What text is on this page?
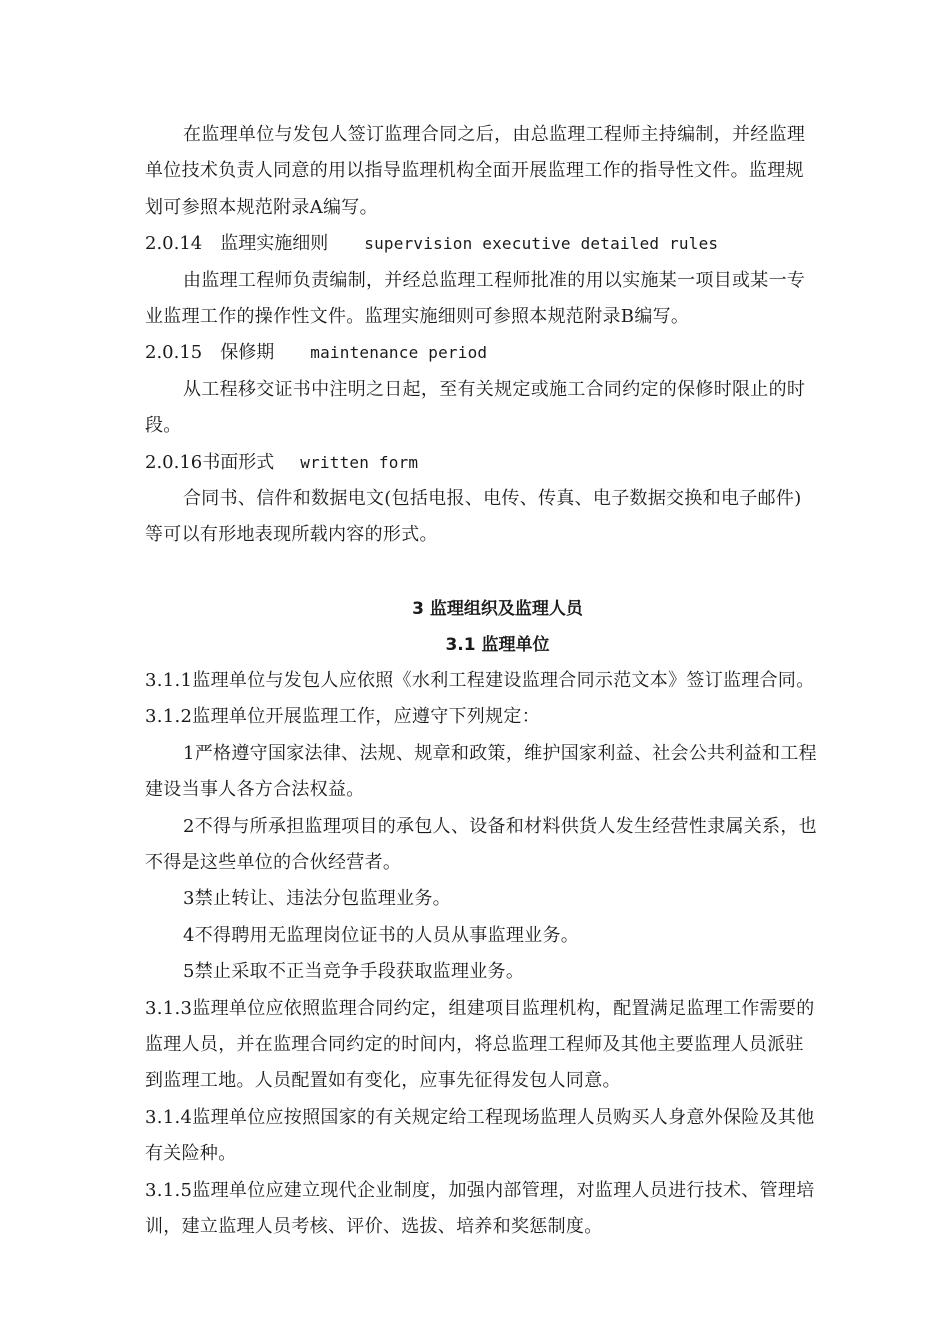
在监理单位与发包人签订监理合同之后，由总监理工程师主持编制，并经监理
单位技术负责人同意的用以指导监理机构全面开展监理工作的指导性文件。监理规
划可参照本规范附录A编写。
2.0.14 监理实施细则 supervision executive detailed rules
由监理工程师负责编制，并经总监理工程师批准的用以实施某一项目或某一专
业监理工作的操作性文件。监理实施细则可参照本规范附录B编写。
2.0.15 保修期 maintenance period
从工程移交证书中注明之日起，至有关规定或施工合同约定的保修时限止的时
段。
2.0.16书面形式 written form
合同书、信件和数据电文(包括电报、电传、传真、电子数据交换和电子邮件)
等可以有形地表现所载内容的形式。
3 监理组织及监理人员
3.1 监理单位
3.1.1监理单位与发包人应依照《水利工程建设监理合同示范文本》签订监理合同。
3.1.2监理单位开展监理工作，应遵守下列规定：
1严格遵守国家法律、法规、规章和政策，维护国家利益、社会公共利益和工程
建设当事人各方合法权益。
2不得与所承担监理项目的承包人、设备和材料供货人发生经营性隶属关系，也
不得是这些单位的合伙经营者。
3禁止转让、违法分包监理业务。
4不得聘用无监理岗位证书的人员从事监理业务。
5禁止采取不正当竞争手段获取监理业务。
3.1.3监理单位应依照监理合同约定，组建项目监理机构，配置满足监理工作需要的
监理人员，并在监理合同约定的时间内，将总监理工程师及其他主要监理人员派驻
到监理工地。人员配置如有变化，应事先征得发包人同意。
3.1.4监理单位应按照国家的有关规定给工程现场监理人员购买人身意外保险及其他
有关险种。
3.1.5监理单位应建立现代企业制度，加强内部管理，对监理人员进行技术、管理培
训，建立监理人员考核、评价、选拔、培养和奖惩制度。
